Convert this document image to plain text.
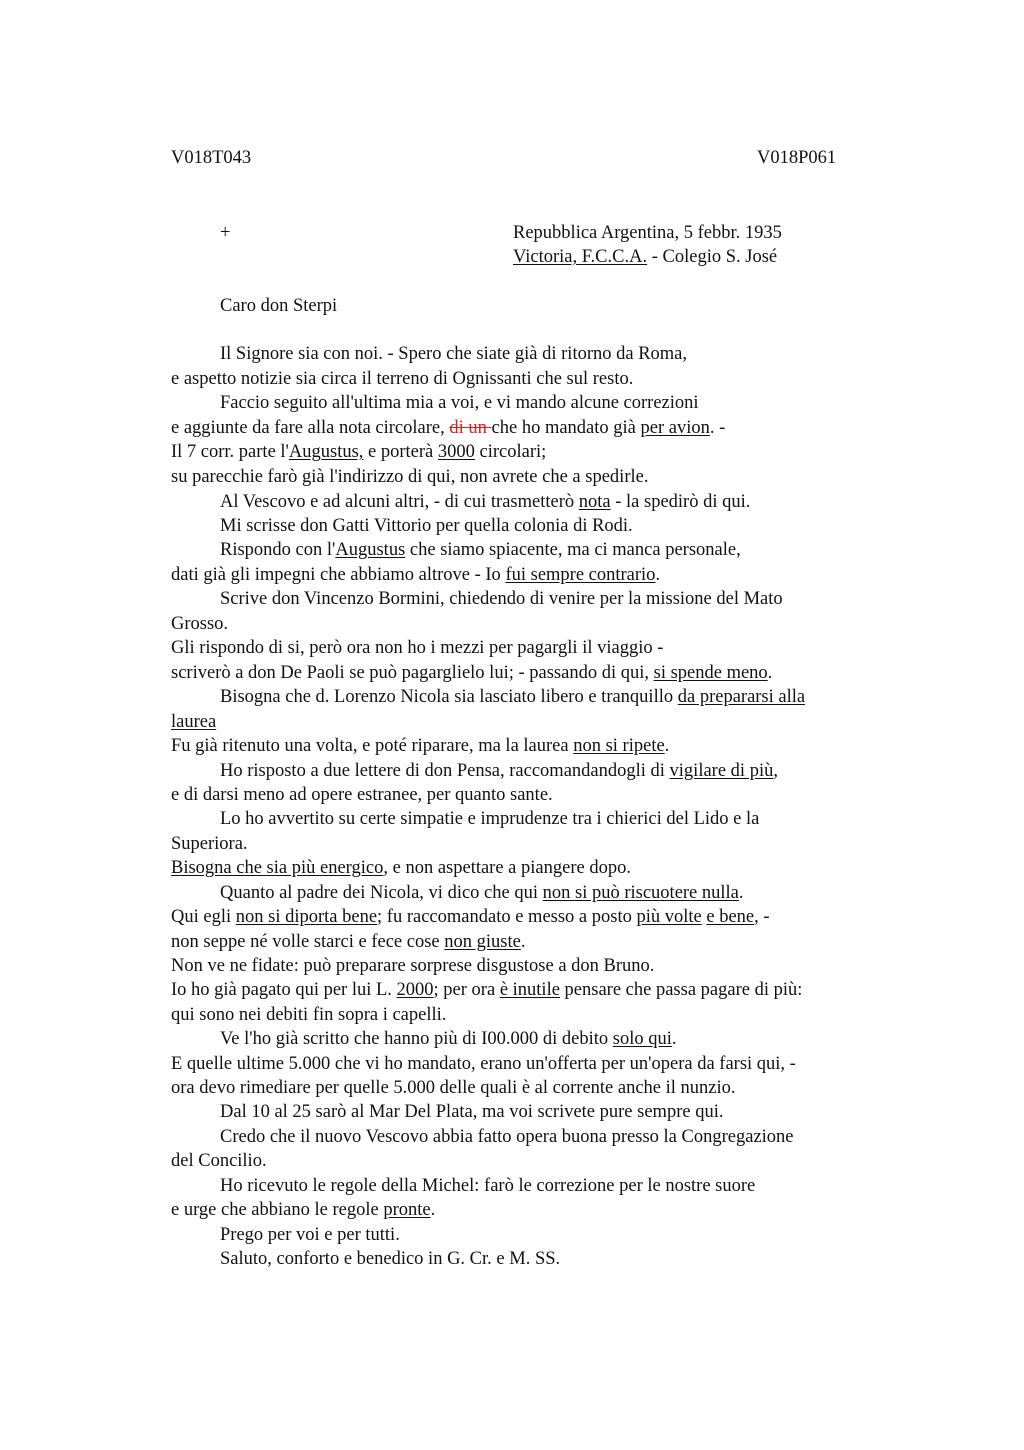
V018T043	V018P061
+	Repubblica Argentina, 5 febbr. 1935
Victoria, F.C.C.A. - Colegio S. José
Caro don Sterpi
Il Signore sia con noi. - Spero che siate già di ritorno da Roma,
e aspetto notizie sia circa il terreno di Ognissanti che sul resto.
Faccio seguito all'ultima mia a voi, e vi mando alcune correzioni
e aggiunte da fare alla nota circolare, di un che ho mandato già per avion. -
Il 7 corr. parte l'Augustus, e porterà 3000 circolari;
su parecchie farò già l'indirizzo di qui, non avrete che a spedirle.
Al Vescovo e ad alcuni altri, - di cui trasmetterò nota - la spedirò di qui.
Mi scrisse don Gatti Vittorio per quella colonia di Rodi.
Rispondo con l'Augustus che siamo spiacente, ma ci manca personale,
dati già gli impegni che abbiamo altrove - Io fui sempre contrario.
Scrive don Vincenzo Bormini, chiedendo di venire per la missione del Mato
Grosso.
Gli rispondo di si, però ora non ho i mezzi per pagargli il viaggio -
scriverò a don De Paoli se può pagarglielo lui; - passando di qui, si spende meno.
Bisogna che d. Lorenzo Nicola sia lasciato libero e tranquillo da prepararsi alla
laurea
Fu già ritenuto una volta, e poté riparare, ma la laurea non si ripete.
Ho risposto a due lettere di don Pensa, raccomandandogli di vigilare di più,
e di darsi meno ad opere estranee, per quanto sante.
Lo ho avvertito su certe simpatie e imprudenze tra i chierici del Lido e la
Superiora.
Bisogna che sia più energico, e non aspettare a piangere dopo.
Quanto al padre dei Nicola, vi dico che qui non si può riscuotere nulla.
Qui egli non si diporta bene; fu raccomandato e messo a posto più volte e bene, -
non seppe né volle starci e fece cose non giuste.
Non ve ne fidate: può preparare sorprese disgustose a don Bruno.
Io ho già pagato qui per lui L. 2000; per ora è inutile pensare che passa pagare di più:
qui sono nei debiti fin sopra i capelli.
Ve l'ho già scritto che hanno più di I00.000 di debito solo qui.
E quelle ultime 5.000 che vi ho mandato, erano un'offerta per un'opera da farsi qui, -
ora devo rimediare per quelle 5.000 delle quali è al corrente anche il nunzio.
Dal 10 al 25 sarò al Mar Del Plata, ma voi scrivete pure sempre qui.
Credo che il nuovo Vescovo abbia fatto opera buona presso la Congregazione
del Concilio.
Ho ricevuto le regole della Michel: farò le correzione per le nostre suore
e urge che abbiano le regole pronte.
Prego per voi e per tutti.
Saluto, conforto e benedico in G. Cr. e M. SS.
